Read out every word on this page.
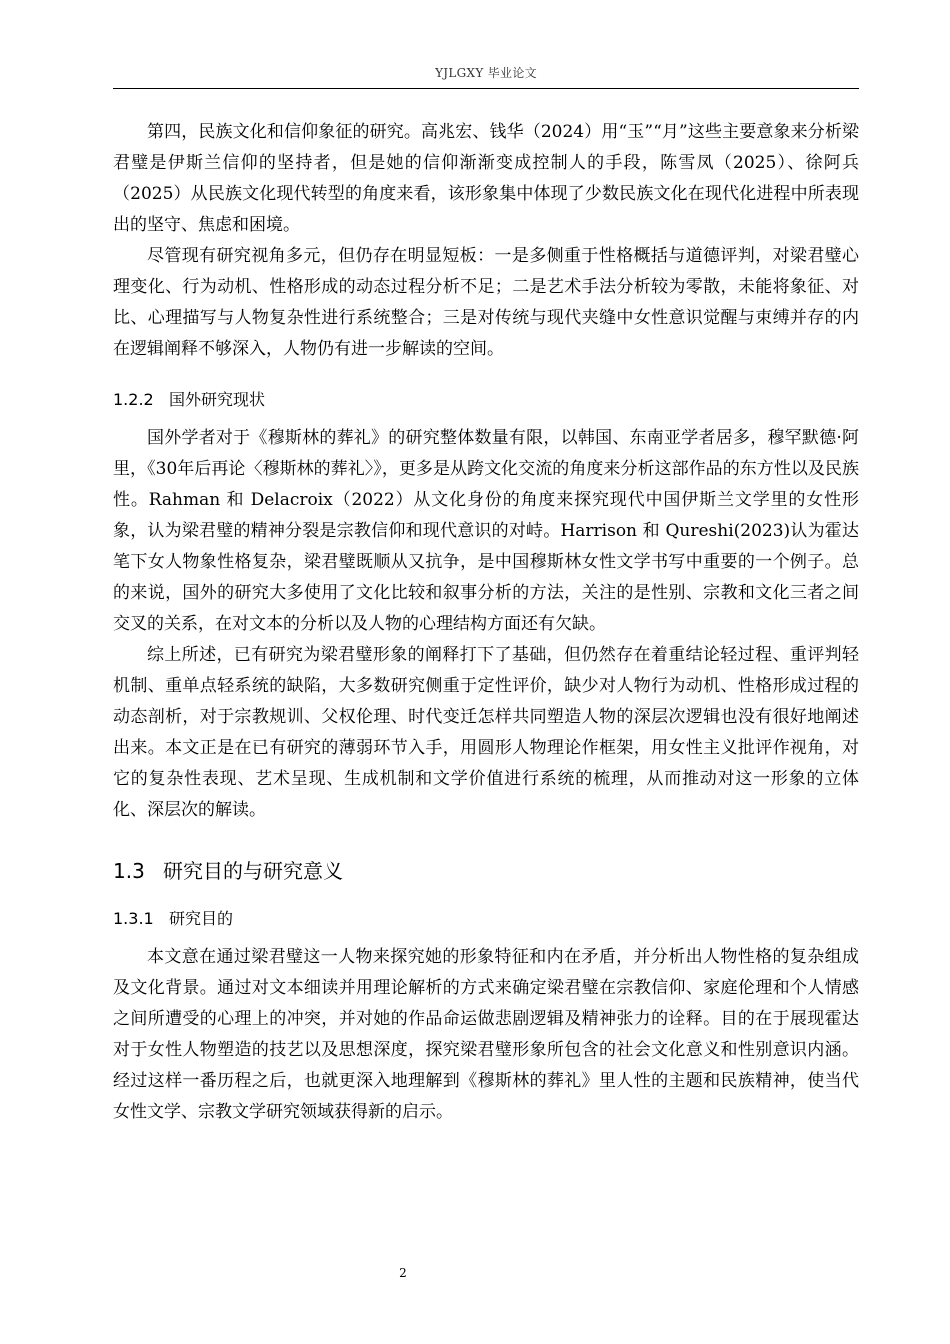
YJLGXY 毕业论文

第四，民族文化和信仰象征的研究。高兆宏、钱华（2024）用“玉”“月”这些主要意象来分析梁君璧是伊斯兰信仰的坚持者，但是她的信仰渐渐变成控制人的手段，陈雪凤（2025）、徐阿兵（2025）从民族文化现代转型的角度来看，该形象集中体现了少数民族文化在现代化进程中所表现出的坚守、焦虑和困境。

尽管现有研究视角多元，但仍存在明显短板：一是多侧重于性格概括与道德评判，对梁君璧心理变化、行为动机、性格形成的动态过程分析不足；二是艺术手法分析较为零散，未能将象征、对比、心理描写与人物复杂性进行系统整合；三是对传统与现代夹缝中女性意识觉醒与束缚并存的内在逻辑阐释不够深入，人物仍有进一步解读的空间。

1.2.2 国外研究现状

国外学者对于《穆斯林的葬礼》的研究整体数量有限，以韩国、东南亚学者居多，穆罕默德·阿里，《30年后再论〈穆斯林的葬礼〉》，更多是从跨文化交流的角度来分析这部作品的东方性以及民族性。Rahman 和 Delacroix（2022）从文化身份的角度来探究现代中国伊斯兰文学里的女性形象，认为梁君璧的精神分裂是宗教信仰和现代意识的对峙。Harrison 和 Qureshi(2023)认为霍达笔下女人物象性格复杂，梁君璧既顺从又抗争，是中国穆斯林女性文学书写中重要的一个例子。总的来说，国外的研究大多使用了文化比较和叙事分析的方法，关注的是性别、宗教和文化三者之间交叉的关系，在对文本的分析以及人物的心理结构方面还有欠缺。

综上所述，已有研究为梁君璧形象的阐释打下了基础，但仍然存在着重结论轻过程、重评判轻机制、重单点轻系统的缺陷，大多数研究侧重于定性评价，缺少对人物行为动机、性格形成过程的动态剖析，对于宗教规训、父权伦理、时代变迁怎样共同塑造人物的深层次逻辑也没有很好地阐述出来。本文正是在已有研究的薄弱环节入手，用圆形人物理论作框架，用女性主义批评作视角，对它的复杂性表现、艺术呈现、生成机制和文学价值进行系统的梳理，从而推动对这一形象的立体化、深层次的解读。

1.3 研究目的与研究意义
1.3.1 研究目的

本文意在通过梁君璧这一人物来探究她的形象特征和内在矛盾，并分析出人物性格的复杂组成及文化背景。通过对文本细读并用理论解析的方式来确定梁君璧在宗教信仰、家庭伦理和个人情感之间所遭受的心理上的冲突，并对她的作品命运做悲剧逻辑及精神张力的诠释。目的在于展现霍达对于女性人物塑造的技艺以及思想深度，探究梁君璧形象所包含的社会文化意义和性别意识内涵。经过这样一番历程之后，也就更深入地理解到《穆斯林的葬礼》里人性的主题和民族精神，使当代女性文学、宗教文学研究领域获得新的启示。

2
